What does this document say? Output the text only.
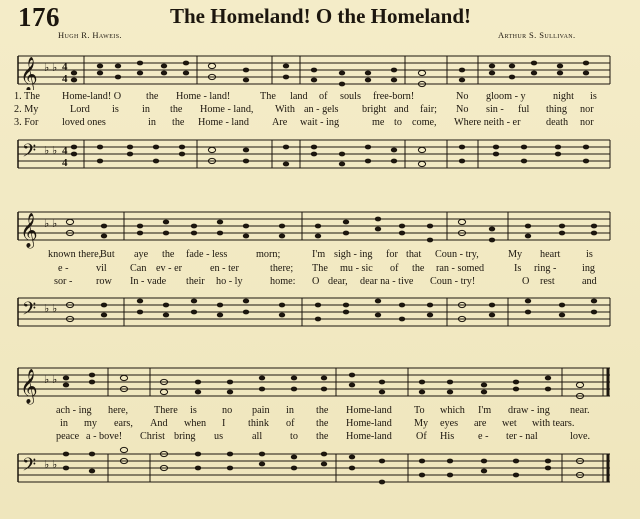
176	The Homeland! O the Homeland!
Hugh R. Haweis.	Arthur S. Sullivan.
𝄞 ♭ ♭ 4
4
1. The Home-land! O the Home - land!	The land of souls free-born!	No gloom - y	night is
2. My	Lord is in the Home - land, With an - gels bright and fair; No sin - ful thing nor
3. For loved ones	in the Home - land Are wait - ing	me to come, Where neith - er	death nor
𝄢 ♭ ♭ 4
4
𝄞 ♭ ♭
known there,
But aye the fade - less	morn;	I'm sigh - ing for that Coun - try,	My heart	is
e -	vil Can ev - er	en - ter	there; The mu - sic of the ran - somed	Is ring -	ing
sor - row In - vade their ho - ly	home: O dear, dear na - tive Coun - try!	O rest	and
𝄢 ♭ ♭
𝄞 ♭ ♭
ach - ing here,	There is no pain in the Home-land To which I'm draw - ing near.
in my ears, And when I think of the Home-land My eyes are wet with tears.
peace a - bove! Christ bring us	all	to the Home-land Of His e - ter - nal	love.
𝄢 ♭ ♭
